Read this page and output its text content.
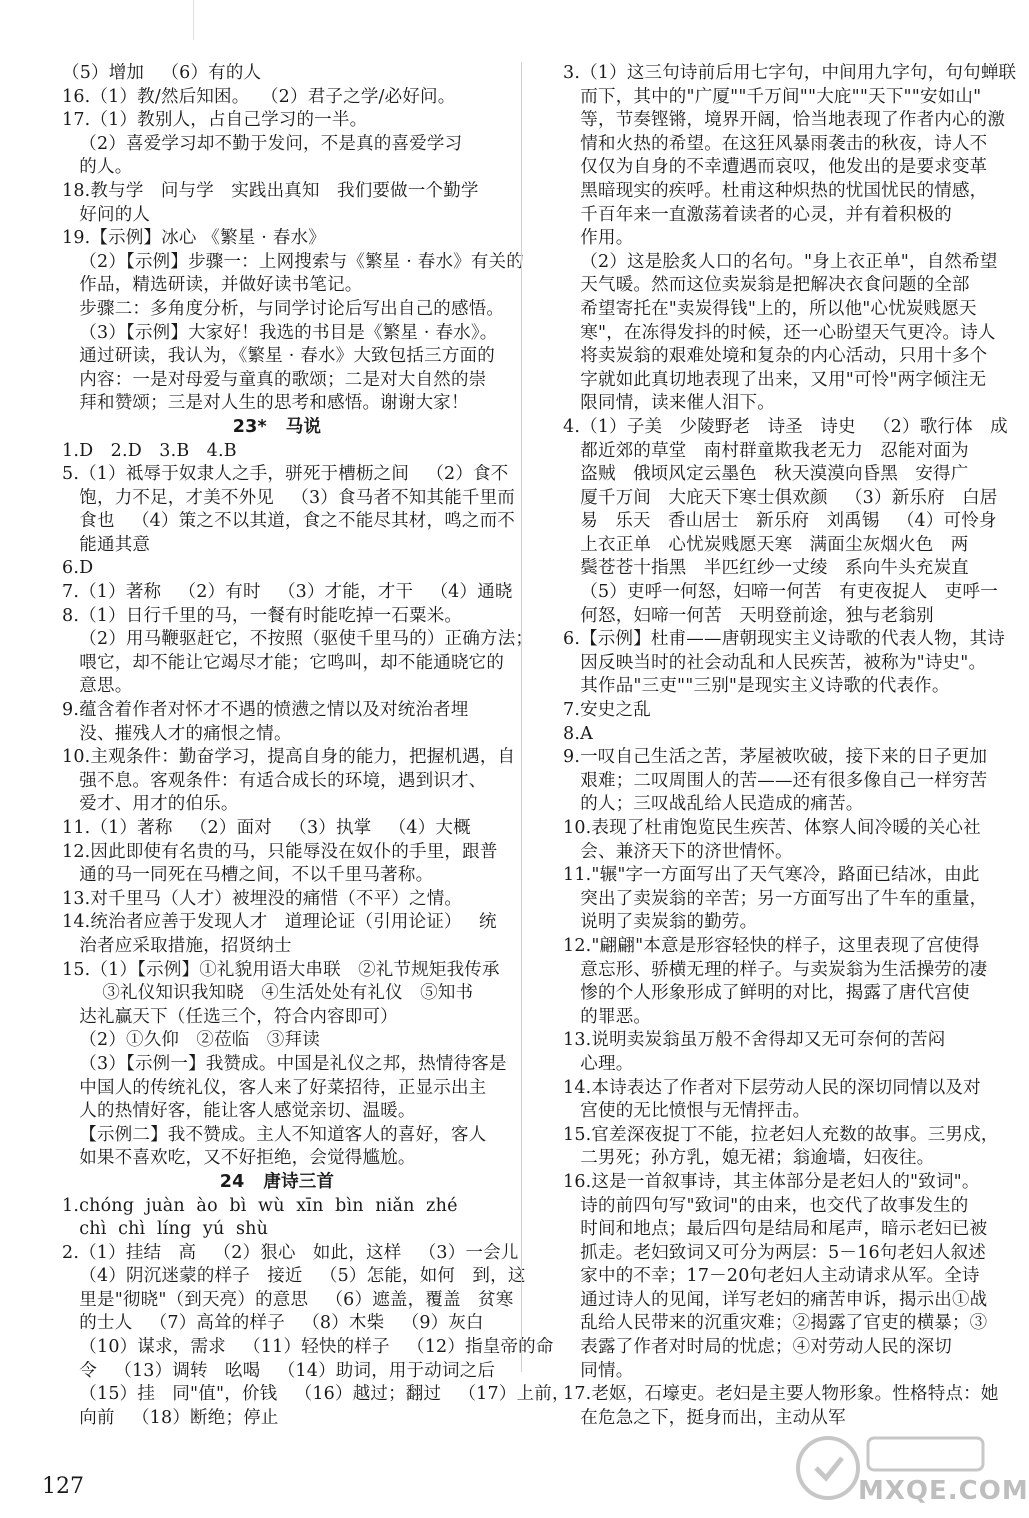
（5）增加   （6）有的人
16.（1）教/然后知困。  （2）君子之学/必好问。
17.（1）教别人，占自己学习的一半。
（2）喜爱学习却不勤于发问，不是真的喜爱学习
的人。
18.教与学   问与学   实践出真知   我们要做一个勤学
好问的人
19.【示例】冰心 《繁星 · 春水》
（2）【示例】步骤一：上网搜索与《繁星 · 春水》有关的
作品，精选研读，并做好读书笔记。
步骤二：多角度分析，与同学讨论后写出自己的感悟。
（3）【示例】大家好！我选的书目是《繁星 · 春水》。
通过研读，我认为，《繁星 · 春水》大致包括三方面的
内容：一是对母爱与童真的歌颂；二是对大自然的崇
拜和赞颂；三是对人生的思考和感悟。谢谢大家！
23*   马说
1.D   2.D   3.B   4.B
5.（1）祗辱于奴隶人之手，骈死于槽枥之间   （2）食不
饱，力不足，才美不外见   （3）食马者不知其能千里而
食也   （4）策之不以其道，食之不能尽其材，鸣之而不
能通其意
6.D
7.（1）著称   （2）有时   （3）才能，才干   （4）通晓
8.（1）日行千里的马，一餐有时能吃掉一石粟米。
（2）用马鞭驱赶它，不按照（驱使千里马的）正确方法；
喂它，却不能让它竭尽才能；它鸣叫，却不能通晓它的
意思。
9.蕴含着作者对怀才不遇的愤懑之情以及对统治者埋
没、摧残人才的痛恨之情。
10.主观条件：勤奋学习，提高自身的能力，把握机遇，自
强不息。客观条件：有适合成长的环境，遇到识才、
爱才、用才的伯乐。
11.（1）著称   （2）面对   （3）执掌   （4）大概
12.因此即使有名贵的马，只能辱没在奴仆的手里，跟普
通的马一同死在马槽之间，不以千里马著称。
13.对千里马（人才）被埋没的痛惜（不平）之情。
14.统治者应善于发现人才   道理论证（引用论证）   统
治者应采取措施，招贤纳士
15.（1）【示例】①礼貌用语大串联   ②礼节规矩我传承
③礼仪知识我知晓   ④生活处处有礼仪   ⑤知书
达礼赢天下（任选三个，符合内容即可）
（2）①久仰   ②莅临   ③拜读
（3）【示例一】我赞成。中国是礼仪之邦，热情待客是
中国人的传统礼仪，客人来了好菜招待，正显示出主
人的热情好客，能让客人感觉亲切、温暖。
【示例二】我不赞成。主人不知道客人的喜好，客人
如果不喜欢吃，又不好拒绝，会觉得尴尬。
24   唐诗三首
1.chóng  juàn  ào  bì  wù  xīn  bìn  niǎn  zhé
chì  chì  líng  yú  shù
2.（1）挂结   高   （2）狠心   如此，这样   （3）一会儿
（4）阴沉迷蒙的样子   接近   （5）怎能，如何   到，这
里是"彻晓"（到天亮）的意思   （6）遮盖，覆盖   贫寒
的士人   （7）高耸的样子   （8）木柴   （9）灰白
（10）谋求，需求   （11）轻快的样子   （12）指皇帝的命
令   （13）调转   吆喝   （14）助词，用于动词之后
（15）挂   同"值"，价钱   （16）越过；翻过   （17）上前，
向前   （18）断绝；停止
3.（1）这三句诗前后用七字句，中间用九字句，句句蝉联
而下，其中的"广厦""千万间""大庇""天下""安如山"
等，节奏铿锵，境界开阔，恰当地表现了作者内心的激
情和火热的希望。在这狂风暴雨袭击的秋夜，诗人不
仅仅为自身的不幸遭遇而哀叹，他发出的是要求变革
黑暗现实的疾呼。杜甫这种炽热的忧国忧民的情感，
千百年来一直激荡着读者的心灵，并有着积极的
作用。
（2）这是脍炙人口的名句。"身上衣正单"，自然希望
天气暖。然而这位卖炭翁是把解决衣食问题的全部
希望寄托在"卖炭得钱"上的，所以他"心忧炭贱愿天
寒"，在冻得发抖的时候，还一心盼望天气更冷。诗人
将卖炭翁的艰难处境和复杂的内心活动，只用十多个
字就如此真切地表现了出来，又用"可怜"两字倾注无
限同情，读来催人泪下。
4.（1）子美   少陵野老   诗圣   诗史   （2）歌行体   成
都近郊的草堂   南村群童欺我老无力   忍能对面为
盗贼   俄顷风定云墨色   秋天漠漠向昏黑   安得广
厦千万间   大庇天下寒士俱欢颜   （3）新乐府   白居
易   乐天   香山居士   新乐府   刘禹锡   （4）可怜身
上衣正单   心忧炭贱愿天寒   满面尘灰烟火色   两
鬓苍苍十指黑   半匹红纱一丈绫   系向牛头充炭直
（5）吏呼一何怒，妇啼一何苦   有吏夜捉人   吏呼一
何怒，妇啼一何苦   天明登前途，独与老翁别
6.【示例】杜甫——唐朝现实主义诗歌的代表人物，其诗
因反映当时的社会动乱和人民疾苦，被称为"诗史"。
其作品"三吏""三别"是现实主义诗歌的代表作。
7.安史之乱
8.A
9.一叹自己生活之苦，茅屋被吹破，接下来的日子更加
艰难；二叹周围人的苦——还有很多像自己一样穷苦
的人；三叹战乱给人民造成的痛苦。
10.表现了杜甫饱览民生疾苦、体察人间冷暖的关心社
会、兼济天下的济世情怀。
11."辗"字一方面写出了天气寒冷，路面已结冰，由此
突出了卖炭翁的辛苦；另一方面写出了牛车的重量，
说明了卖炭翁的勤劳。
12."翩翩"本意是形容轻快的样子，这里表现了宫使得
意忘形、骄横无理的样子。与卖炭翁为生活操劳的凄
惨的个人形象形成了鲜明的对比，揭露了唐代宫使
的罪恶。
13.说明卖炭翁虽万般不舍得却又无可奈何的苦闷
心理。
14.本诗表达了作者对下层劳动人民的深切同情以及对
宫使的无比愤恨与无情抨击。
15.官差深夜捉丁不能，拉老妇人充数的故事。三男戍，
二男死；孙方乳，媳无裙；翁逾墙，妇夜往。
16.这是一首叙事诗，其主体部分是老妇人的"致词"。
诗的前四句写"致词"的由来，也交代了故事发生的
时间和地点；最后四句是结局和尾声，暗示老妇已被
抓走。老妇致词又可分为两层：5－16句老妇人叙述
家中的不幸；17－20句老妇人主动请求从军。全诗
通过诗人的见闻，详写老妇的痛苦申诉，揭示出①战
乱给人民带来的沉重灾难；②揭露了官吏的横暴；③
表露了作者对时局的忧虑；④对劳动人民的深切
同情。
17.老妪，石壕吏。老妇是主要人物形象。性格特点：她
在危急之下，挺身而出，主动从军
127	MXQE.COM
